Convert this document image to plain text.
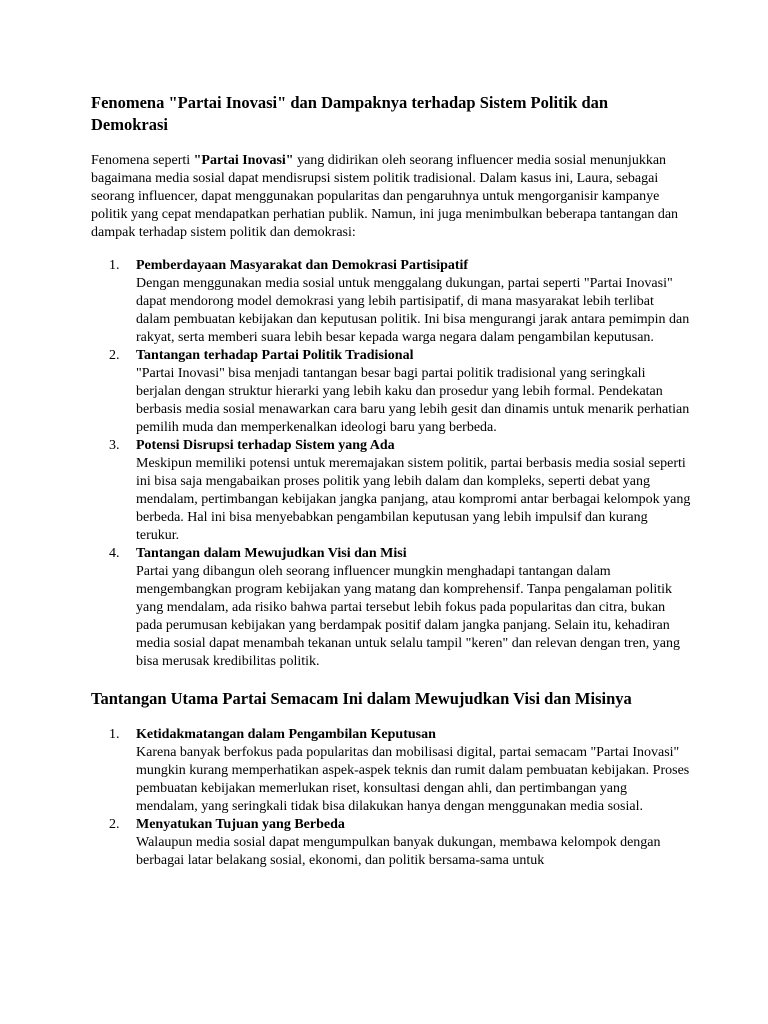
Fenomena "Partai Inovasi" dan Dampaknya terhadap Sistem Politik dan Demokrasi

Fenomena seperti "Partai Inovasi" yang didirikan oleh seorang influencer media sosial menunjukkan bagaimana media sosial dapat mendisrupsi sistem politik tradisional. Dalam kasus ini, Laura, sebagai seorang influencer, dapat menggunakan popularitas dan pengaruhnya untuk mengorganisir kampanye politik yang cepat mendapatkan perhatian publik. Namun, ini juga menimbulkan beberapa tantangan dan dampak terhadap sistem politik dan demokrasi:

1. Pemberdayaan Masyarakat dan Demokrasi Partisipatif
Dengan menggunakan media sosial untuk menggalang dukungan, partai seperti "Partai Inovasi" dapat mendorong model demokrasi yang lebih partisipatif, di mana masyarakat lebih terlibat dalam pembuatan kebijakan dan keputusan politik. Ini bisa mengurangi jarak antara pemimpin dan rakyat, serta memberi suara lebih besar kepada warga negara dalam pengambilan keputusan.
2. Tantangan terhadap Partai Politik Tradisional
"Partai Inovasi" bisa menjadi tantangan besar bagi partai politik tradisional yang seringkali berjalan dengan struktur hierarki yang lebih kaku dan prosedur yang lebih formal. Pendekatan berbasis media sosial menawarkan cara baru yang lebih gesit dan dinamis untuk menarik perhatian pemilih muda dan memperkenalkan ideologi baru yang berbeda.
3. Potensi Disrupsi terhadap Sistem yang Ada
Meskipun memiliki potensi untuk meremajakan sistem politik, partai berbasis media sosial seperti ini bisa saja mengabaikan proses politik yang lebih dalam dan kompleks, seperti debat yang mendalam, pertimbangan kebijakan jangka panjang, atau kompromi antar berbagai kelompok yang berbeda. Hal ini bisa menyebabkan pengambilan keputusan yang lebih impulsif dan kurang terukur.
4. Tantangan dalam Mewujudkan Visi dan Misi
Partai yang dibangun oleh seorang influencer mungkin menghadapi tantangan dalam mengembangkan program kebijakan yang matang dan komprehensif. Tanpa pengalaman politik yang mendalam, ada risiko bahwa partai tersebut lebih fokus pada popularitas dan citra, bukan pada perumusan kebijakan yang berdampak positif dalam jangka panjang. Selain itu, kehadiran media sosial dapat menambah tekanan untuk selalu tampil "keren" dan relevan dengan tren, yang bisa merusak kredibilitas politik.
Tantangan Utama Partai Semacam Ini dalam Mewujudkan Visi dan Misinya
1. Ketidakmatangan dalam Pengambilan Keputusan
Karena banyak berfokus pada popularitas dan mobilisasi digital, partai semacam "Partai Inovasi" mungkin kurang memperhatikan aspek-aspek teknis dan rumit dalam pembuatan kebijakan. Proses pembuatan kebijakan memerlukan riset, konsultasi dengan ahli, dan pertimbangan yang mendalam, yang seringkali tidak bisa dilakukan hanya dengan menggunakan media sosial.
2. Menyatukan Tujuan yang Berbeda
Walaupun media sosial dapat mengumpulkan banyak dukungan, membawa kelompok dengan berbagai latar belakang sosial, ekonomi, dan politik bersama-sama untuk
